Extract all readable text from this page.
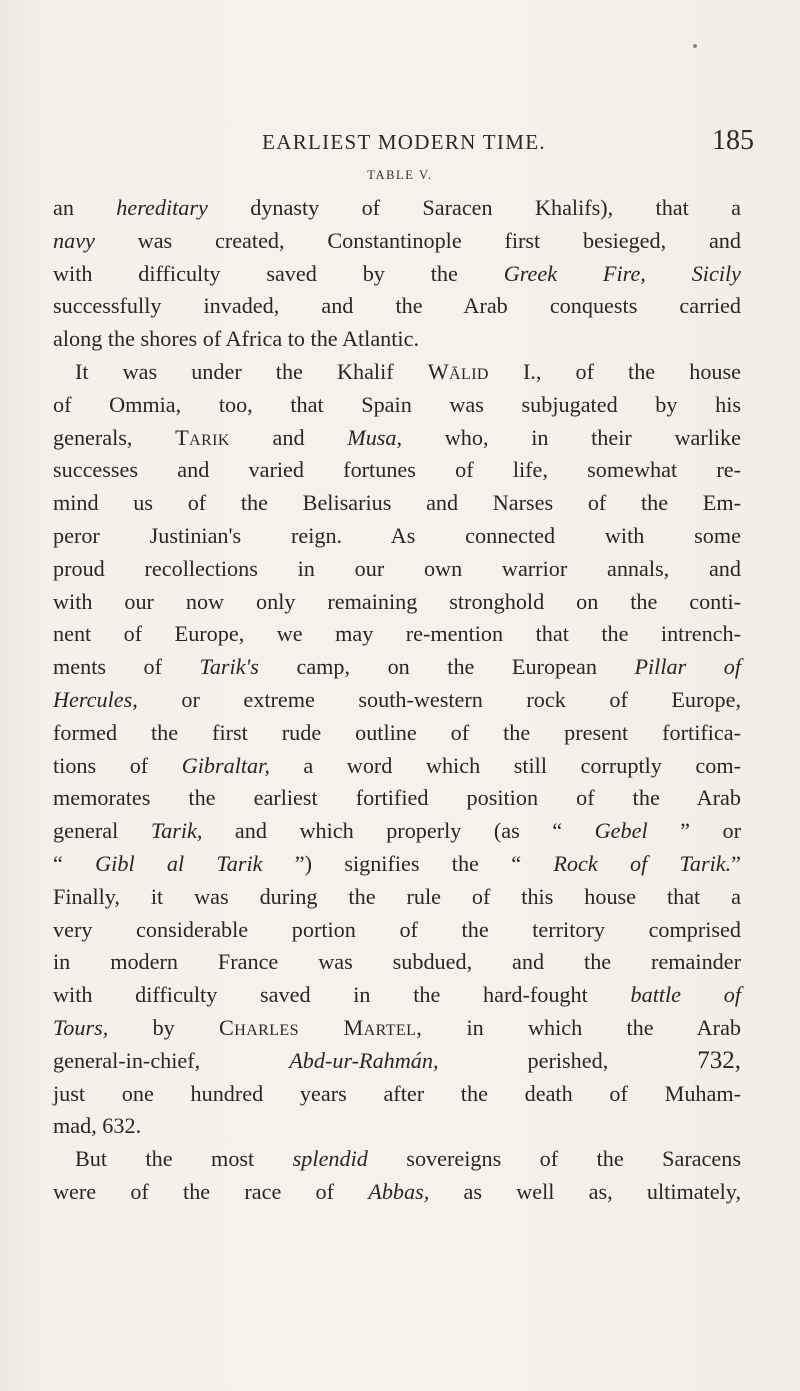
EARLIEST MODERN TIME.	185
TABLE V.
an hereditary dynasty of Saracen Khalifs), that a
navy was created, Constantinople first besieged, and
with difficulty saved by the Greek Fire, Sicily
successfully invaded, and the Arab conquests carried
along the shores of Africa to the Atlantic.
It was under the Khalif Wālid I., of the house
of Ommia, too, that Spain was subjugated by his
generals, Tarik and Musa, who, in their warlike
successes and varied fortunes of life, somewhat re-
mind us of the Belisarius and Narses of the Em-
peror Justinian's reign. As connected with some
proud recollections in our own warrior annals, and
with our now only remaining stronghold on the conti-
nent of Europe, we may re-mention that the intrench-
ments of Tarik's camp, on the European Pillar of
Hercules, or extreme south-western rock of Europe,
formed the first rude outline of the present fortifica-
tions of Gibraltar, a word which still corruptly com-
memorates the earliest fortified position of the Arab
general Tarik, and which properly (as “ Gebel ” or
“ Gibl al Tarik ”) signifies the “ Rock of Tarik.”
Finally, it was during the rule of this house that a
very considerable portion of the territory comprised
in modern France was subdued, and the remainder
with difficulty saved in the hard-fought battle of
Tours, by Charles Martel, in which the Arab
general-in-chief, Abd-ur-Rahmán, perished, 732,
just one hundred years after the death of Muham-
mad, 632.
But the most splendid sovereigns of the Saracens
were of the race of Abbas, as well as, ultimately,
